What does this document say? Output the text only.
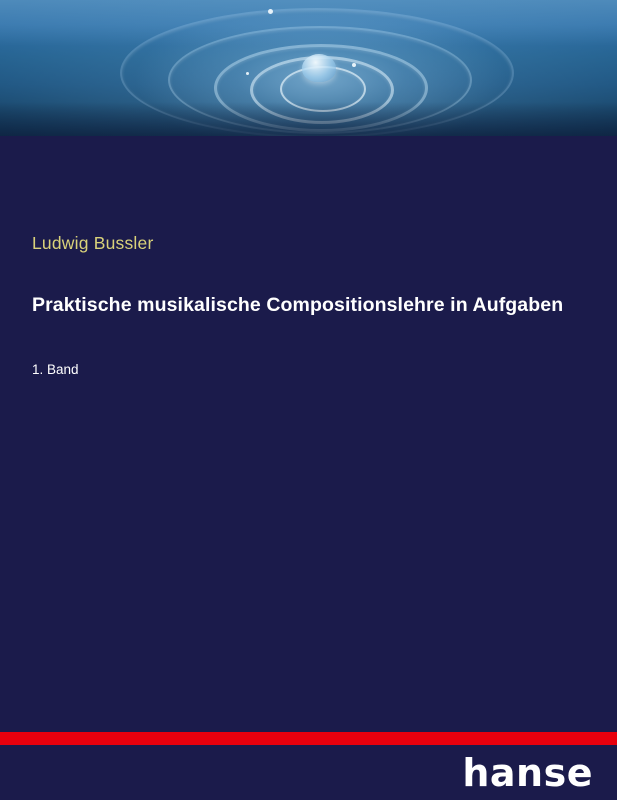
Ludwig Bussler

Praktische musikalische Compositionslehre in Aufgaben

1. Band

hanse
